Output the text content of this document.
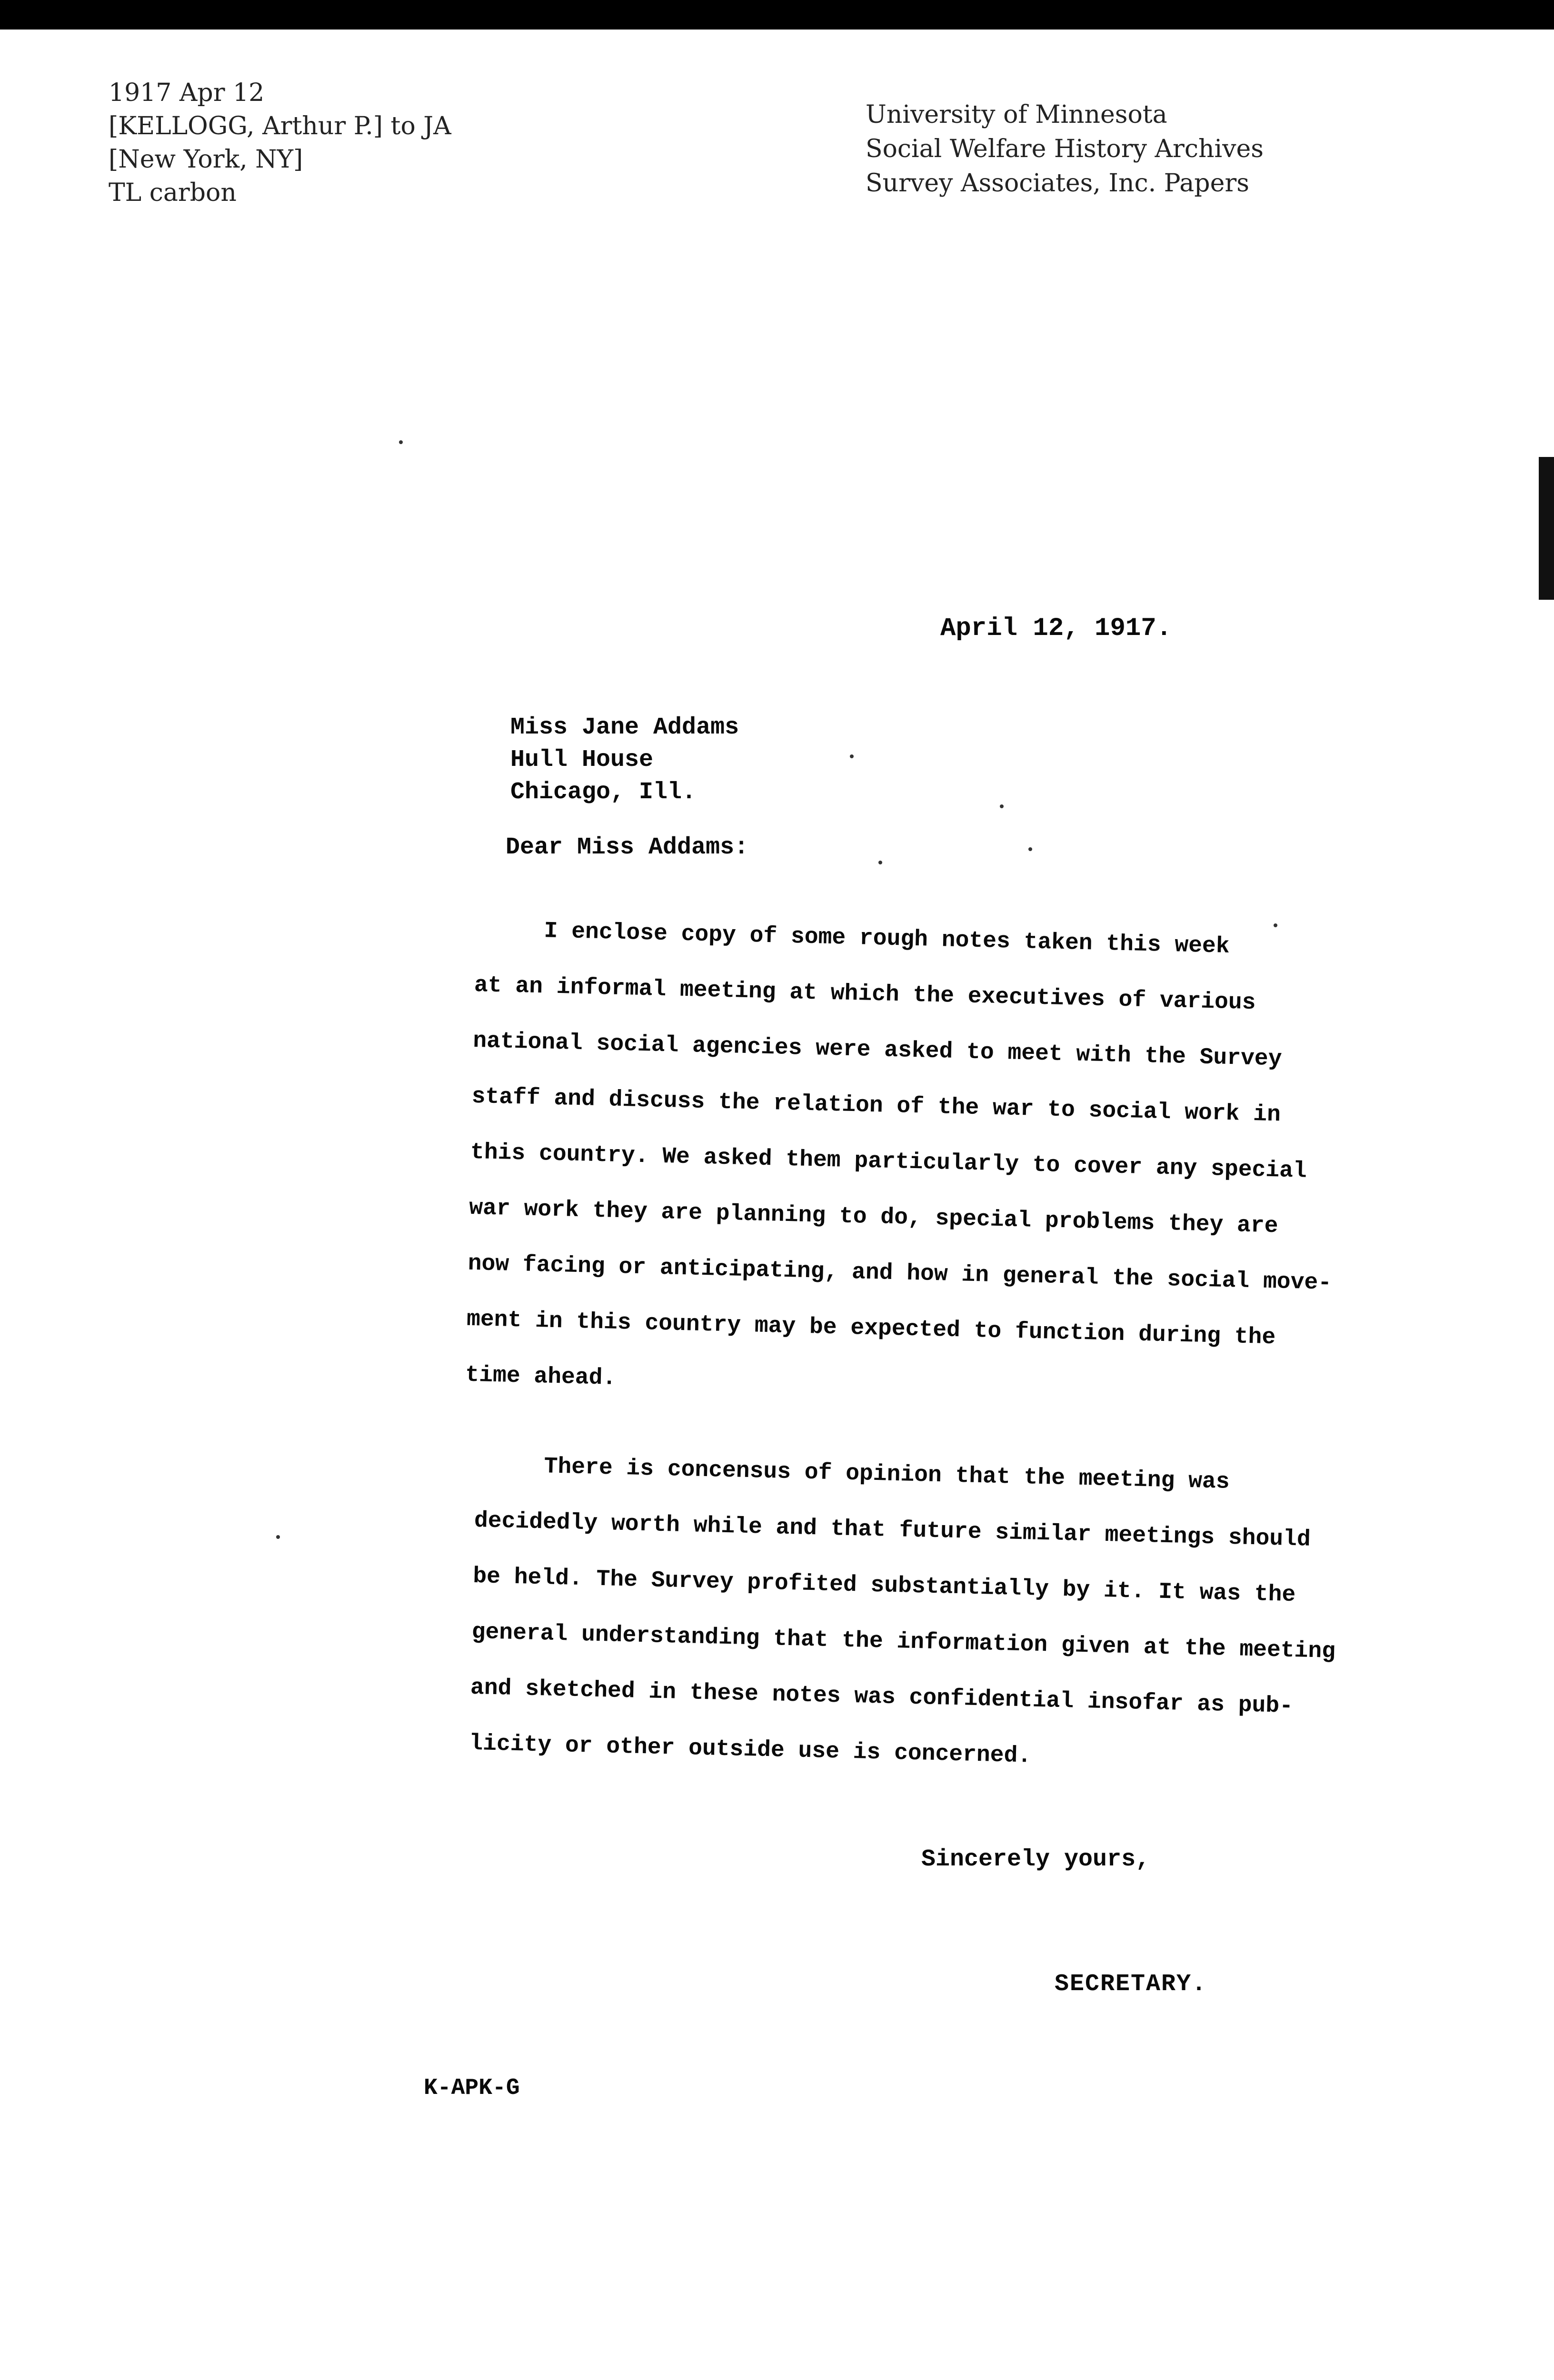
1917 Apr 12
[KELLOGG, Arthur P.] to JA
[New York, NY]
TL carbon
University of Minnesota
Social Welfare History Archives
Survey Associates, Inc. Papers
April 12, 1917.
Miss Jane Addams
Hull House
Chicago, Ill.
Dear Miss Addams:
I enclose copy of some rough notes taken this week
at an informal meeting at which the executives of various
national social agencies were asked to meet with the Survey
staff and discuss the relation of the war to social work in
this country. We asked them particularly to cover any special
war work they are planning to do, special problems they are
now facing or anticipating, and how in general the social move-
ment in this country may be expected to function during the
time ahead.
There is concensus of opinion that the meeting was
decidedly worth while and that future similar meetings should
be held. The Survey profited substantially by it. It was the
general understanding that the information given at the meeting
and sketched in these notes was confidential insofar as pub-
licity or other outside use is concerned.
Sincerely yours,
SECRETARY.
K-APK-G
